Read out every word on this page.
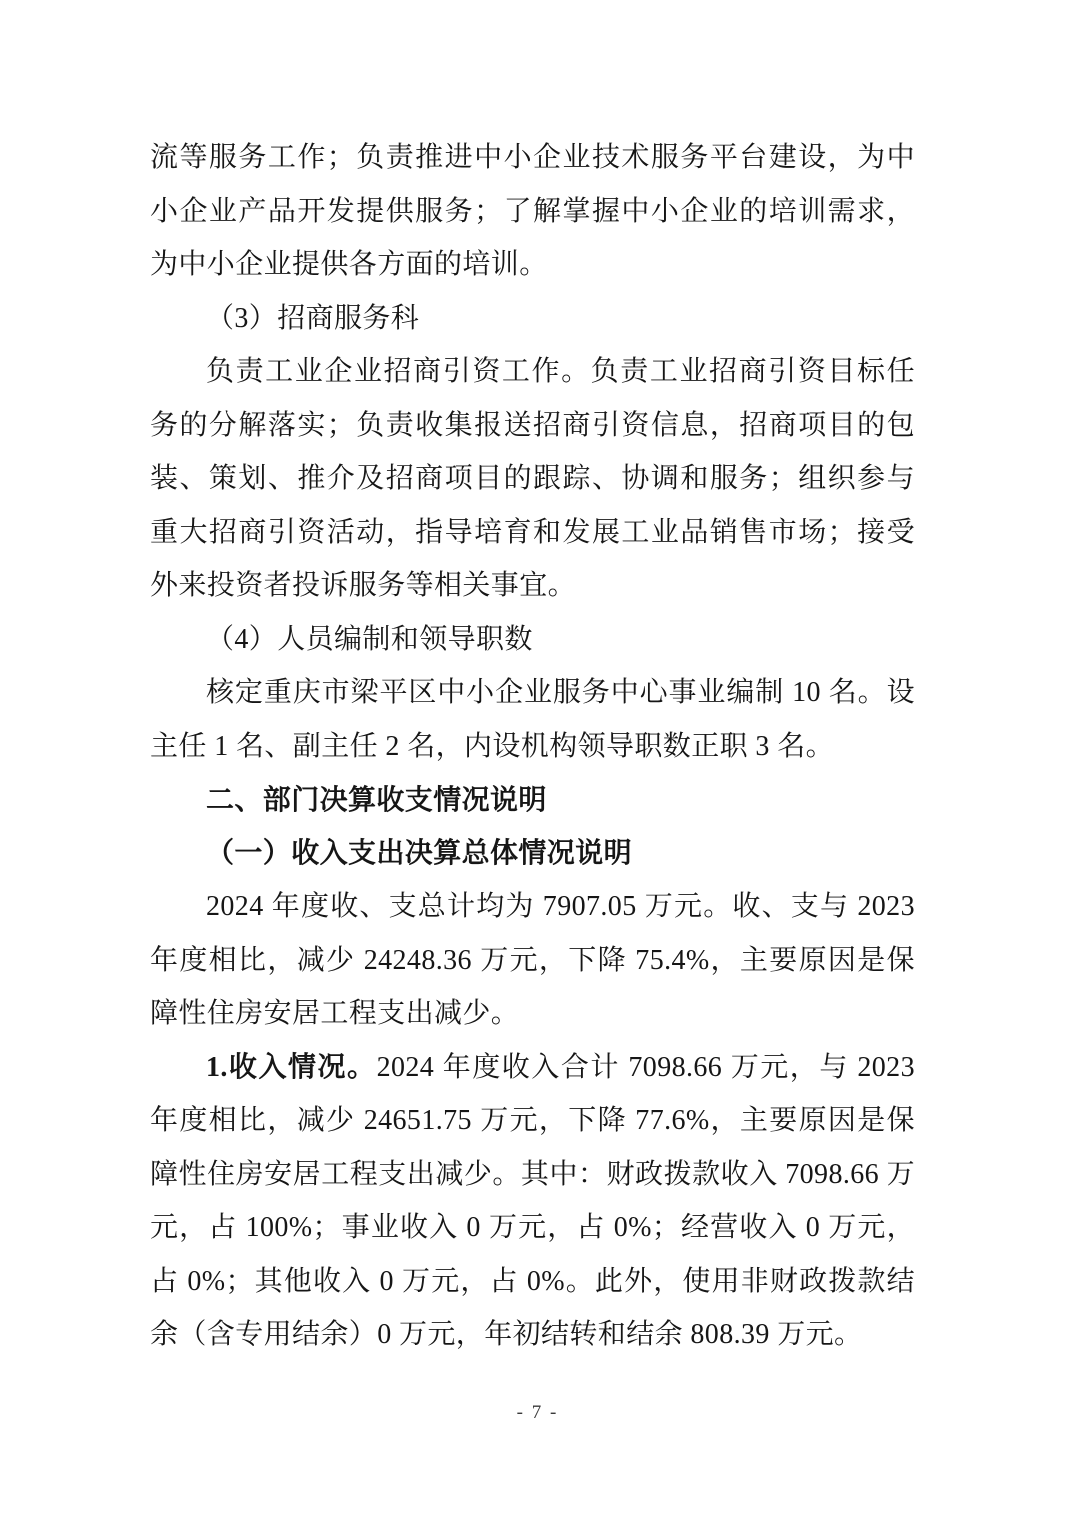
流等服务工作；负责推进中小企业技术服务平台建设，为中小企业产品开发提供服务；了解掌握中小企业的培训需求，为中小企业提供各方面的培训。

（3）招商服务科

负责工业企业招商引资工作。负责工业招商引资目标任务的分解落实；负责收集报送招商引资信息，招商项目的包装、策划、推介及招商项目的跟踪、协调和服务；组织参与重大招商引资活动，指导培育和发展工业品销售市场；接受外来投资者投诉服务等相关事宜。

（4）人员编制和领导职数

核定重庆市梁平区中小企业服务中心事业编制 10 名。设主任 1 名、副主任 2 名，内设机构领导职数正职 3 名。

二、部门决算收支情况说明
（一）收入支出决算总体情况说明

2024 年度收、支总计均为 7907.05 万元。收、支与 2023 年度相比，减少 24248.36 万元，下降 75.4%，主要原因是保障性住房安居工程支出减少。

1.收入情况。2024 年度收入合计 7098.66 万元，与 2023 年度相比，减少 24651.75 万元，下降 77.6%，主要原因是保障性住房安居工程支出减少。其中：财政拨款收入 7098.66 万元，占 100%；事业收入 0 万元，占 0%；经营收入 0 万元，占 0%；其他收入 0 万元，占 0%。此外，使用非财政拨款结余（含专用结余）0 万元，年初结转和结余 808.39 万元。

- 7 -
